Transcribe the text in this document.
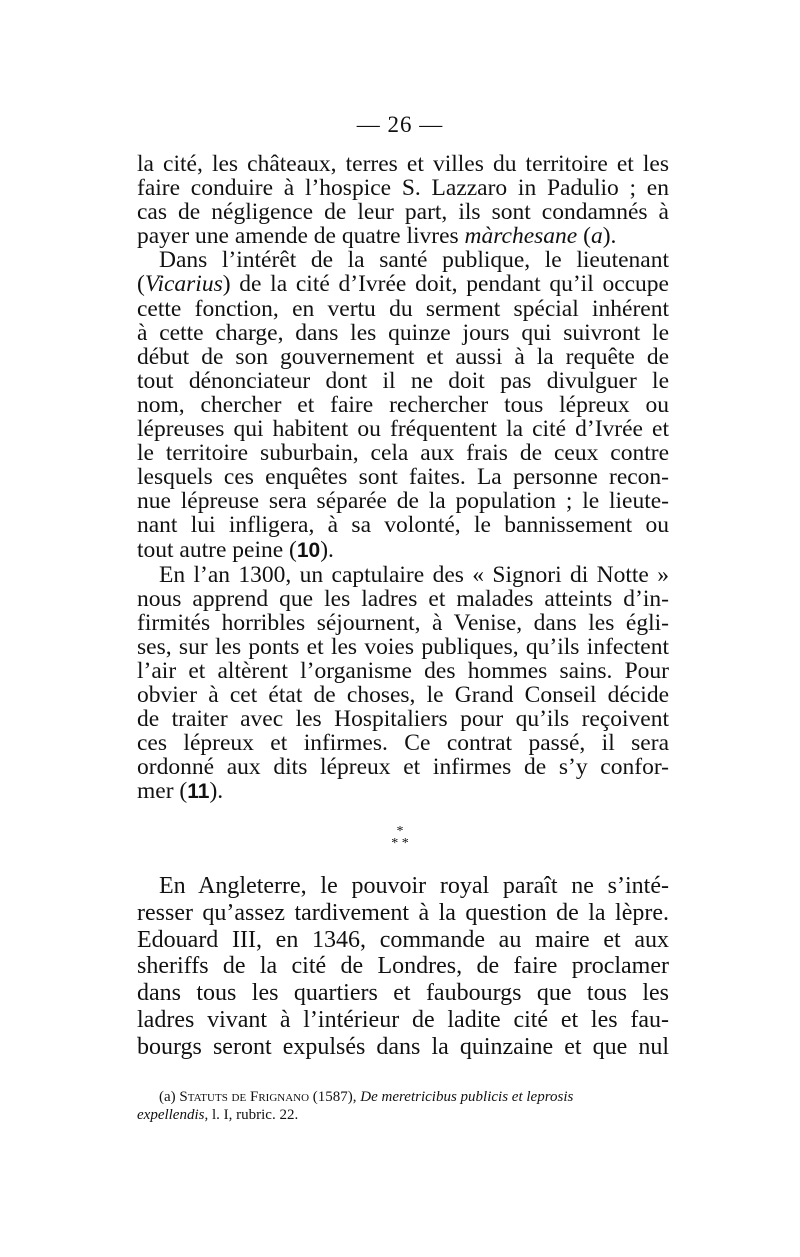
— 26 —

la cité, les châteaux, terres et villes du territoire et les

faire conduire à l’hospice S. Lazzaro in Padulio ; en

cas de négligence de leur part, ils sont condamnés à

payer une amende de quatre livres màrchesane (a).

Dans l’intérêt de la santé publique, le lieutenant

(Vicarius) de la cité d’Ivrée doit, pendant qu’il occupe

cette fonction, en vertu du serment spécial inhérent

à cette charge, dans les quinze jours qui suivront le

début de son gouvernement et aussi à la requête de

tout dénonciateur dont il ne doit pas divulguer le

nom, chercher et faire rechercher tous lépreux ou

lépreuses qui habitent ou fréquentent la cité d’Ivrée et

le territoire suburbain, cela aux frais de ceux contre

lesquels ces enquêtes sont faites. La personne recon-

nue lépreuse sera séparée de la population ; le lieute-

nant lui infligera, à sa volonté, le bannissement ou

tout autre peine (10).

En l’an 1300, un captulaire des « Signori di Notte »

nous apprend que les ladres et malades atteints d’in-

firmités horribles séjournent, à Venise, dans les égli-

ses, sur les ponts et les voies publiques, qu’ils infectent

l’air et altèrent l’organisme des hommes sains. Pour

obvier à cet état de choses, le Grand Conseil décide

de traiter avec les Hospitaliers pour qu’ils reçoivent

ces lépreux et infirmes. Ce contrat passé, il sera

ordonné aux dits lépreux et infirmes de s’y confor-

mer (11).

*
* *

En Angleterre, le pouvoir royal paraît ne s’inté-

resser qu’assez tardivement à la question de la lèpre.

Edouard III, en 1346, commande au maire et aux

sheriffs de la cité de Londres, de faire proclamer

dans tous les quartiers et faubourgs que tous les

ladres vivant à l’intérieur de ladite cité et les fau-

bourgs seront expulsés dans la quinzaine et que nul

(a) Statuts de Frignano (1587), De meretricibus publicis et leprosis

expellendis, l. I, rubric. 22.
